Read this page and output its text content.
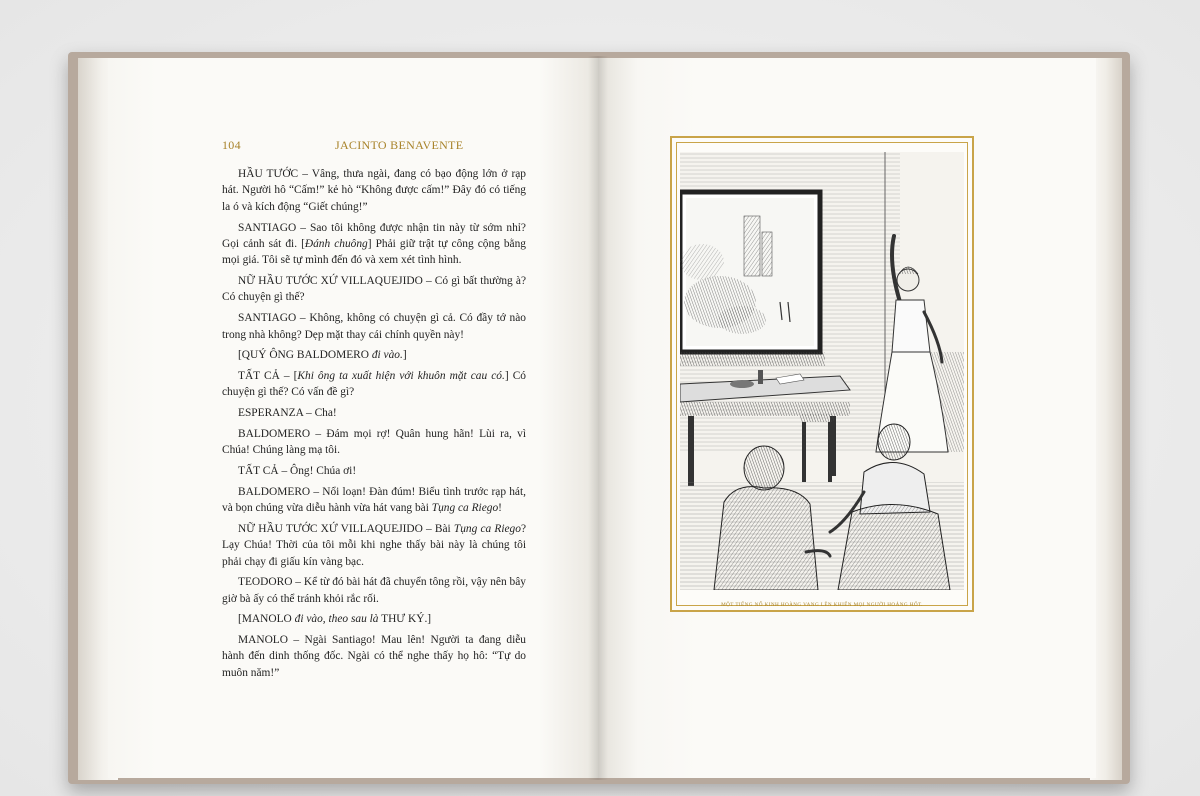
104	JACINTO BENAVENTE

HẦU TƯỚC – Vâng, thưa ngài, đang có bạo động lớn ở rạp hát. Người hô “Cấm!” kẻ hò “Không được cấm!” Đây đó có tiếng la ó và kích động “Giết chúng!”

SANTIAGO – Sao tôi không được nhận tin này từ sớm nhỉ? Gọi cảnh sát đi. [Đánh chuông] Phải giữ trật tự công cộng bằng mọi giá. Tôi sẽ tự mình đến đó và xem xét tình hình.

NỮ HẦU TƯỚC XỨ VILLAQUEJIDO – Có gì bất thường à? Có chuyện gì thế?

SANTIAGO – Không, không có chuyện gì cả. Có đầy tớ nào trong nhà không? Dẹp mặt thay cái chính quyền này!

[QUÝ ÔNG BALDOMERO đi vào.]

TẤT CẢ – [Khi ông ta xuất hiện với khuôn mặt cau có.] Có chuyện gì thế? Có vấn đề gì?

ESPERANZA – Cha!

BALDOMERO – Đám mọi rợ! Quân hung hãn! Lùi ra, vì Chúa! Chúng làng mạ tôi.

TẤT CẢ – Ông! Chúa ơi!

BALDOMERO – Nổi loạn! Đàn đúm! Biểu tình trước rạp hát, và bọn chúng vừa diễu hành vừa hát vang bài Tụng ca Riego!

NỮ HẦU TƯỚC XỨ VILLAQUEJIDO – Bài Tụng ca Riego? Lạy Chúa! Thời của tôi mỗi khi nghe thấy bài này là chúng tôi phải chạy đi giấu kín vàng bạc.

TEODORO – Kể từ đó bài hát đã chuyển tông rồi, vậy nên bây giờ bà ấy có thể tránh khỏi rắc rối.

[MANOLO đi vào, theo sau là THƯ KÝ.]

MANOLO – Ngài Santiago! Mau lên! Người ta đang diễu hành đến dinh thống đốc. Ngài có thể nghe thấy họ hô: “Tự do muôn năm!”

MỘT TIẾNG NỔ KINH HOÀNG VANG LÊN KHIẾN MỌI NGƯỜI HOẢNG HỐT.
